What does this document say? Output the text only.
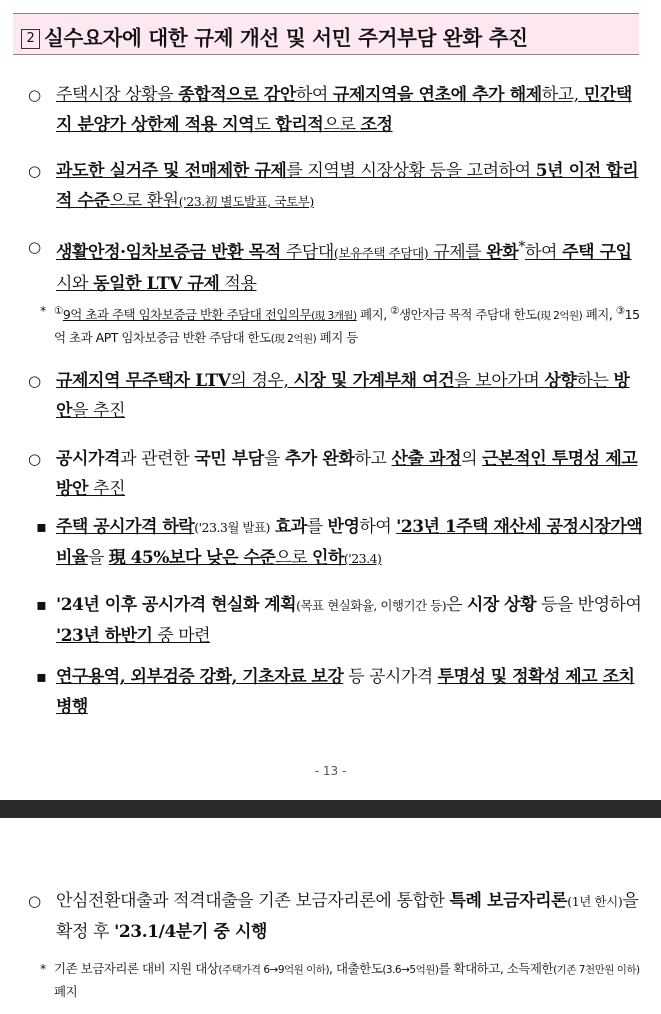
2 실수요자에 대한 규제 개선 및 서민 주거부담 완화 추진
○ 주택시장 상황을 종합적으로 감안하여 규제지역을 연초에 추가 해제하고, 민간택지 분양가 상한제 적용 지역도 합리적으로 조정
○ 과도한 실거주 및 전매제한 규제를 지역별 시장상황 등을 고려하여 5년 이전 합리적 수준으로 환원('23.初 별도발표, 국토부)
○ 생활안정·임차보증금 반환 목적 주담대(보유주택 주담대) 규제를 완화*하여 주택 구입시와 동일한 LTV 규제 적용
* ①9억 초과 주택 임차보증금 반환 주담대 전입의무(現 3개월) 폐지, ②생안자금 목적 주담대 한도(現 2억원) 폐지, ③15억 초과 APT 임차보증금 반환 주담대 한도(現 2억원) 폐지 등
○ 규제지역 무주택자 LTV의 경우, 시장 및 가계부채 여건을 보아가며 상향하는 방안을 추진
○ 공시가격과 관련한 국민 부담을 추가 완화하고 산출 과정의 근본적인 투명성 제고 방안 추진
▪ 주택 공시가격 하락('23.3월 발표) 효과를 반영하여 '23년 1주택 재산세 공정시장가액비율을 現 45%보다 낮은 수준으로 인하('23.4)
▪ '24년 이후 공시가격 현실화 계획(목표 현실화율, 이행기간 등)은 시장 상황 등을 반영하여 '23년 하반기 중 마련
▪ 연구용역, 외부검증 강화, 기초자료 보강 등 공시가격 투명성 및 정확성 제고 조치 병행
- 13 -
○ 안심전환대출과 적격대출을 기존 보금자리론에 통합한 특례 보금자리론(1년 한시)을 확정 후 '23.1/4분기 중 시행
* 기존 보금자리론 대비 지원 대상(주택가격 6→9억원 이하), 대출한도(3.6→5억원)를 확대하고, 소득제한(기존 7천만원 이하) 폐지
